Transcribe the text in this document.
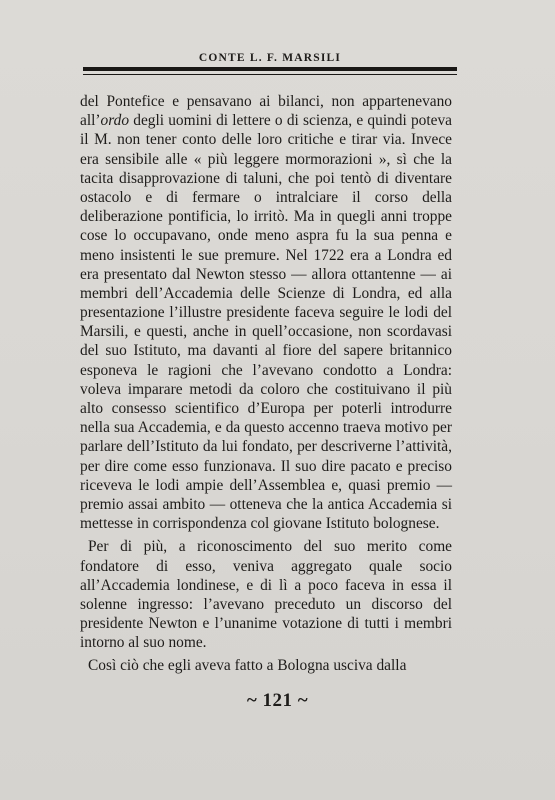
CONTE L. F. MARSILI

del Pontefice e pensavano ai bilanci, non appartenevano all’ordo degli uomini di lettere o di scienza, e quindi poteva il M. non tener conto delle loro critiche e tirar via. Invece era sensibile alle « più leggere mormorazioni », sì che la tacita disapprovazione di taluni, che poi tentò di diventare ostacolo e di fermare o intralciare il corso della deliberazione pontificia, lo irritò. Ma in quegli anni troppe cose lo occupavano, onde meno aspra fu la sua penna e meno insistenti le sue premure. Nel 1722 era a Londra ed era presentato dal Newton stesso — allora ottantenne — ai membri dell’Accademia delle Scienze di Londra, ed alla presentazione l’illustre presidente faceva seguire le lodi del Marsili, e questi, anche in quell’occasione, non scordavasi del suo Istituto, ma davanti al fiore del sapere britannico esponeva le ragioni che l’avevano condotto a Londra: voleva imparare metodi da coloro che costituivano il più alto consesso scientifico d’Europa per poterli introdurre nella sua Accademia, e da questo accenno traeva motivo per parlare dell’Istituto da lui fondato, per descriverne l’attività, per dire come esso funzionava. Il suo dire pacato e preciso riceveva le lodi ampie dell’Assemblea e, quasi premio — premio assai ambito — otteneva che la antica Accademia si mettesse in corrispondenza col giovane Istituto bolognese.

Per di più, a riconoscimento del suo merito come fondatore di esso, veniva aggregato quale socio all’Accademia londinese, e di lì a poco faceva in essa il solenne ingresso: l’avevano preceduto un discorso del presidente Newton e l’unanime votazione di tutti i membri intorno al suo nome.

Così ciò che egli aveva fatto a Bologna usciva dalla

~ 121 ~
